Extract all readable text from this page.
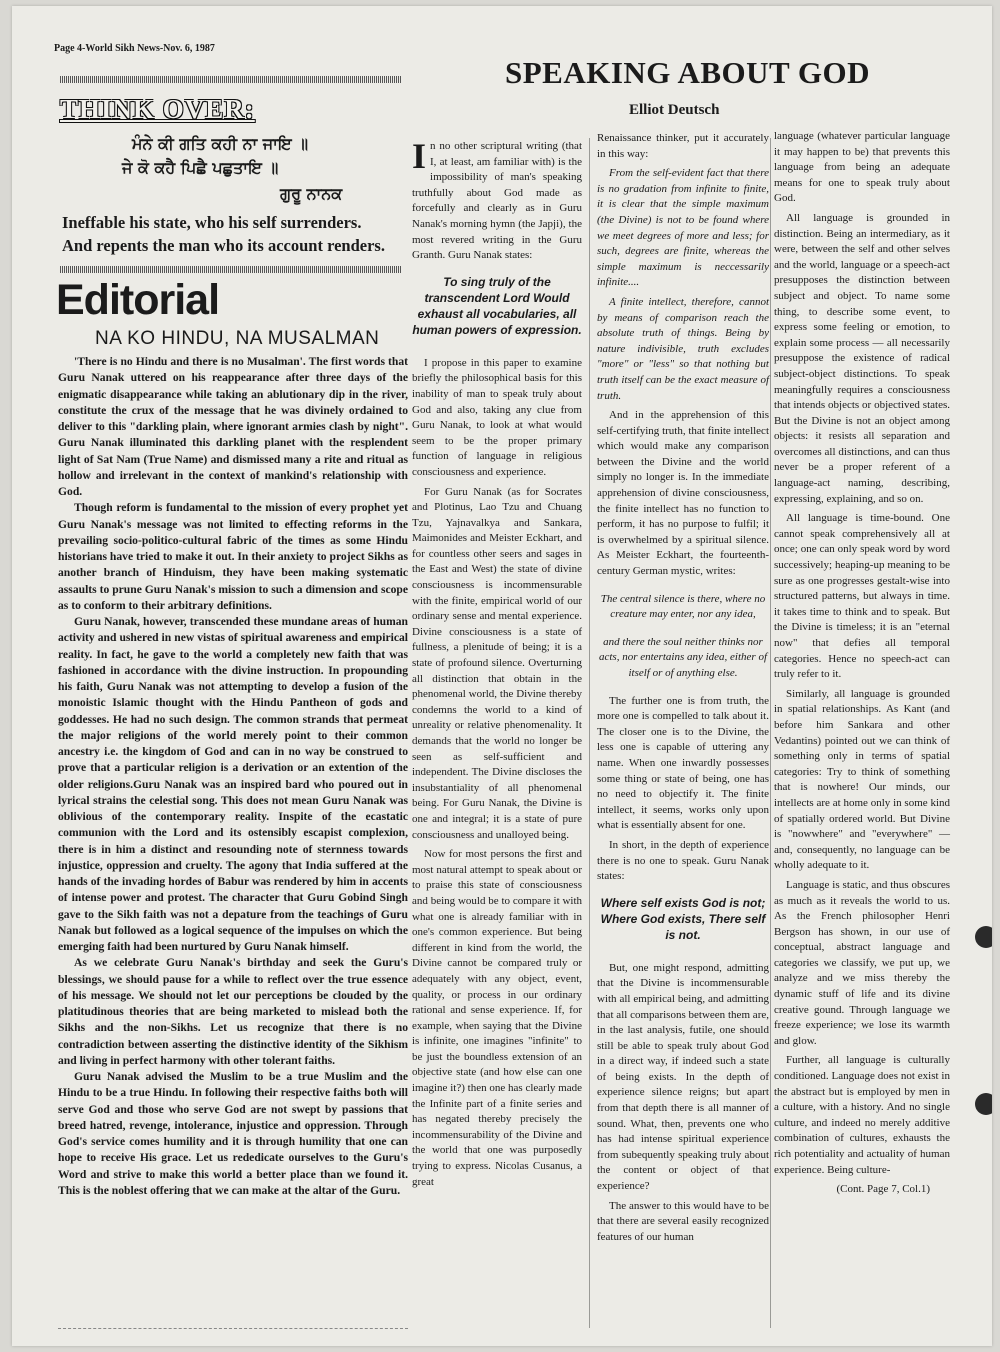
Page 4-World Sikh News-Nov. 6, 1987
THINK OVER:
ਮੰਨੇ ਕੀ ਗਤਿ ਕਹੀ ਨਾ ਜਾਇ ॥
ਜੇ ਕੋ ਕਹੈ ਪਿਛੈ ਪਛੁਤਾਇ ॥
ਗੁਰੂ ਨਾਨਕ
Ineffable his state, who his self surrenders.
And repents the man who its account renders.
Editorial
NA KO HINDU, NA MUSALMAN

'There is no Hindu and there is no Musalman'. The first words that Guru Nanak uttered on his reappearance after three days of the enigmatic disappearance while taking an ablutionary dip in the river, constitute the crux of the message that he was divinely ordained to deliver to this "darkling plain, where ignorant armies clash by night". Guru Nanak illuminated this darkling planet with the resplendent light of Sat Nam (True Name) and dismissed many a rite and ritual as hollow and irrelevant in the context of mankind's relationship with God.

Though reform is fundamental to the mission of every prophet yet Guru Nanak's message was not limited to effecting reforms in the prevailing socio-politico-cultural fabric of the times as some Hindu historians have tried to make it out. In their anxiety to project Sikhs as another branch of Hinduism, they have been making systematic assaults to prune Guru Nanak's mission to such a dimension and scope as to conform to their arbitrary definitions.

Guru Nanak, however, transcended these mundane areas of human activity and ushered in new vistas of spiritual awareness and empirical reality. In fact, he gave to the world a completely new faith that was fashioned in accordance with the divine instruction. In propounding his faith, Guru Nanak was not attempting to develop a fusion of the monoistic Islamic thought with the Hindu Pantheon of gods and goddesses. He had no such design. The common strands that permeat the major religions of the world merely point to their common ancestry i.e. the kingdom of God and can in no way be construed to prove that a particular religion is a derivation or an extention of the older religions.Guru Nanak was an inspired bard who poured out in lyrical strains the celestial song. This does not mean Guru Nanak was oblivious of the contemporary reality. Inspite of the ecastatic communion with the Lord and its ostensibly escapist complexion, there is in him a distinct and resounding note of sternness towards injustice, oppression and cruelty. The agony that India suffered at the hands of the invading hordes of Babur was rendered by him in accents of intense power and protest. The character that Guru Gobind Singh gave to the Sikh faith was not a depature from the teachings of Guru Nanak but followed as a logical sequence of the impulses on which the emerging faith had been nurtured by Guru Nanak himself.

As we celebrate Guru Nanak's birthday and seek the Guru's blessings, we should pause for a while to reflect over the true essence of his message. We should not let our perceptions be clouded by the platitudinous theories that are being marketed to mislead both the Sikhs and the non-Sikhs. Let us recognize that there is no contradiction between asserting the distinctive identity of the Sikhism and living in perfect harmony with other tolerant faiths.

Guru Nanak advised the Muslim to be a true Muslim and the Hindu to be a true Hindu. In following their respective faiths both will serve God and those who serve God are not swept by passions that breed hatred, revenge, intolerance, injustice and oppression. Through God's service comes humility and it is through humility that one can hope to receive His grace. Let us rededicate ourselves to the Guru's Word and strive to make this world a better place than we found it. This is the noblest offering that we can make at the altar of the Guru.

SPEAKING ABOUT GOD
Elliot Deutsch

In no other scriptural writing (that I, at least, am familiar with) is the impossibility of man's speaking truthfully about God made as forcefully and clearly as in Guru Nanak's morning hymn (the Japji), the most revered writing in the Guru Granth. Guru Nanak states:

To sing truly of the transcendent Lord Would exhaust all vocabularies, all human powers of expression.

I propose in this paper to examine briefly the philosophical basis for this inability of man to speak truly about God and also, taking any clue from Guru Nanak, to look at what would seem to be the proper primary function of language in religious consciousness and experience.

For Guru Nanak (as for Socrates and Plotinus, Lao Tzu and Chuang Tzu, Yajnavalkya and Sankara, Maimonides and Meister Eckhart, and for countless other seers and sages in the East and West) the state of divine consciousness is incommensurable with the finite, empirical world of our ordinary sense and mental experience. Divine consciousness is a state of fullness, a plenitude of being; it is a state of profound silence. Overturning all distinction that obtain in the phenomenal world, the Divine thereby condemns the world to a kind of unreality or relative phenomenality. It demands that the world no longer be seen as self-sufficient and independent. The Divine discloses the insubstantiality of all phenomenal being. For Guru Nanak, the Divine is one and integral; it is a state of pure consciousness and unalloyed being.

Now for most persons the first and most natural attempt to speak about or to praise this state of consciousness and being would be to compare it with what one is already familiar with in one's common experience. But being different in kind from the world, the Divine cannot be compared truly or adequately with any object, event, quality, or process in our ordinary rational and sense experience. If, for example, when saying that the Divine is infinite, one imagines "infinite" to be just the boundless extension of an objective state (and how else can one imagine it?) then one has clearly made the Infinite part of a finite series and has negated thereby precisely the incommensurability of the Divine and the world that one was purposedly trying to express. Nicolas Cusanus, a great

Renaissance thinker, put it accurately in this way:

From the self-evident fact that there is no gradation from infinite to finite, it is clear that the simple maximum (the Divine) is not to be found where we meet degrees of more and less; for such, degrees are finite, whereas the simple maximum is neccessarily infinite....

A finite intellect, therefore, cannot by means of comparison reach the absolute truth of things. Being by nature indivisible, truth excludes "more" or "less" so that nothing but truth itself can be the exact measure of truth.

And in the apprehension of this self-certifying truth, that finite intellect which would make any comparison between the Divine and the world simply no longer is. In the immediate apprehension of divine consciousness, the finite intellect has no function to perform, it has no purpose to fulfil; it is overwhelmed by a spiritual silence. As Meister Eckhart, the fourteenth-century German mystic, writes:

The central silence is there, where no creature may enter, nor any idea,
and there the soul neither thinks nor acts, nor entertains any idea, either of itself or of anything else.

The further one is from truth, the more one is compelled to talk about it. The closer one is to the Divine, the less one is capable of uttering any name. When one inwardly possesses some thing or state of being, one has no need to objectify it. The finite intellect, it seems, works only upon what is essentially absent for one.

In short, in the depth of experience there is no one to speak. Guru Nanak states:

Where self exists God is not; Where God exists, There self is not.

But, one might respond, admitting that the Divine is incommensurable with all empirical being, and admitting that all comparisons between them are, in the last analysis, futile, one should still be able to speak truly about God in a direct way, if indeed such a state of being exists. In the depth of experience silence reigns; but apart from that depth there is all manner of sound. What, then, prevents one who has had intense spiritual experience from subequently speaking truly about the content or object of that experience?

The answer to this would have to be that there are several easily recognized features of our human

language (whatever particular language it may happen to be) that prevents this language from being an adequate means for one to speak truly about God.

All language is grounded in distinction. Being an intermediary, as it were, between the self and other selves and the world, language or a speech-act presupposes the distinction between subject and object. To name some thing, to describe some event, to express some feeling or emotion, to explain some process — all necessarily presuppose the existence of radical subject-object distinctions. To speak meaningfully requires a consciousness that intends objects or objectived states. But the Divine is not an object among objects: it resists all separation and overcomes all distinctions, and can thus never be a proper referent of a language-act naming, describing, expressing, explaining, and so on.

All language is time-bound. One cannot speak comprehensively all at once; one can only speak word by word successively; heaping-up meaning to be sure as one progresses gestalt-wise into structured patterns, but always in time. it takes time to think and to speak. But the Divine is timeless; it is an "eternal now" that defies all temporal categories. Hence no speech-act can truly refer to it.

Similarly, all language is grounded in spatial relationships. As Kant (and before him Sankara and other Vedantins) pointed out we can think of something only in terms of spatial categories: Try to think of something that is nowhere! Our minds, our intellects are at home only in some kind of spatially ordered world. But Divine is "nowwhere" and "everywhere" — and, consequently, no language can be wholly adequate to it.

Language is static, and thus obscures as much as it reveals the world to us. As the French philosopher Henri Bergson has shown, in our use of conceptual, abstract language and categories we classify, we put up, we analyze and we miss thereby the dynamic stuff of life and its divine creative gound. Through language we freeze experience; we lose its warmth and glow.

Further, all language is culturally conditioned. Language does not exist in the abstract but is employed by men in a culture, with a history. And no single culture, and indeed no merely additive combination of cultures, exhausts the rich potentiality and actuality of human experience. Being culture-

(Cont. Page 7, Col.1)
